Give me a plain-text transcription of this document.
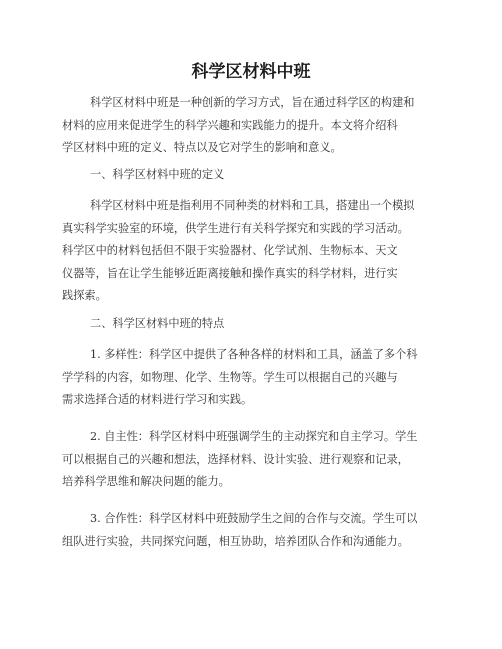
科学区材料中班

科学区材料中班是一种创新的学习方式，旨在通过科学区的构建和
材料的应用来促进学生的科学兴趣和实践能力的提升。本文将介绍科
学区材料中班的定义、特点以及它对学生的影响和意义。

一、科学区材料中班的定义

科学区材料中班是指利用不同种类的材料和工具，搭建出一个模拟
真实科学实验室的环境，供学生进行有关科学探究和实践的学习活动。
科学区中的材料包括但不限于实验器材、化学试剂、生物标本、天文
仪器等，旨在让学生能够近距离接触和操作真实的科学材料，进行实
践探索。

二、科学区材料中班的特点

1. 多样性：科学区中提供了各种各样的材料和工具，涵盖了多个科
学学科的内容，如物理、化学、生物等。学生可以根据自己的兴趣与
需求选择合适的材料进行学习和实践。

2. 自主性：科学区材料中班强调学生的主动探究和自主学习。学生
可以根据自己的兴趣和想法，选择材料、设计实验、进行观察和记录，
培养科学思维和解决问题的能力。

3. 合作性：科学区材料中班鼓励学生之间的合作与交流。学生可以
组队进行实验，共同探究问题，相互协助，培养团队合作和沟通能力。
